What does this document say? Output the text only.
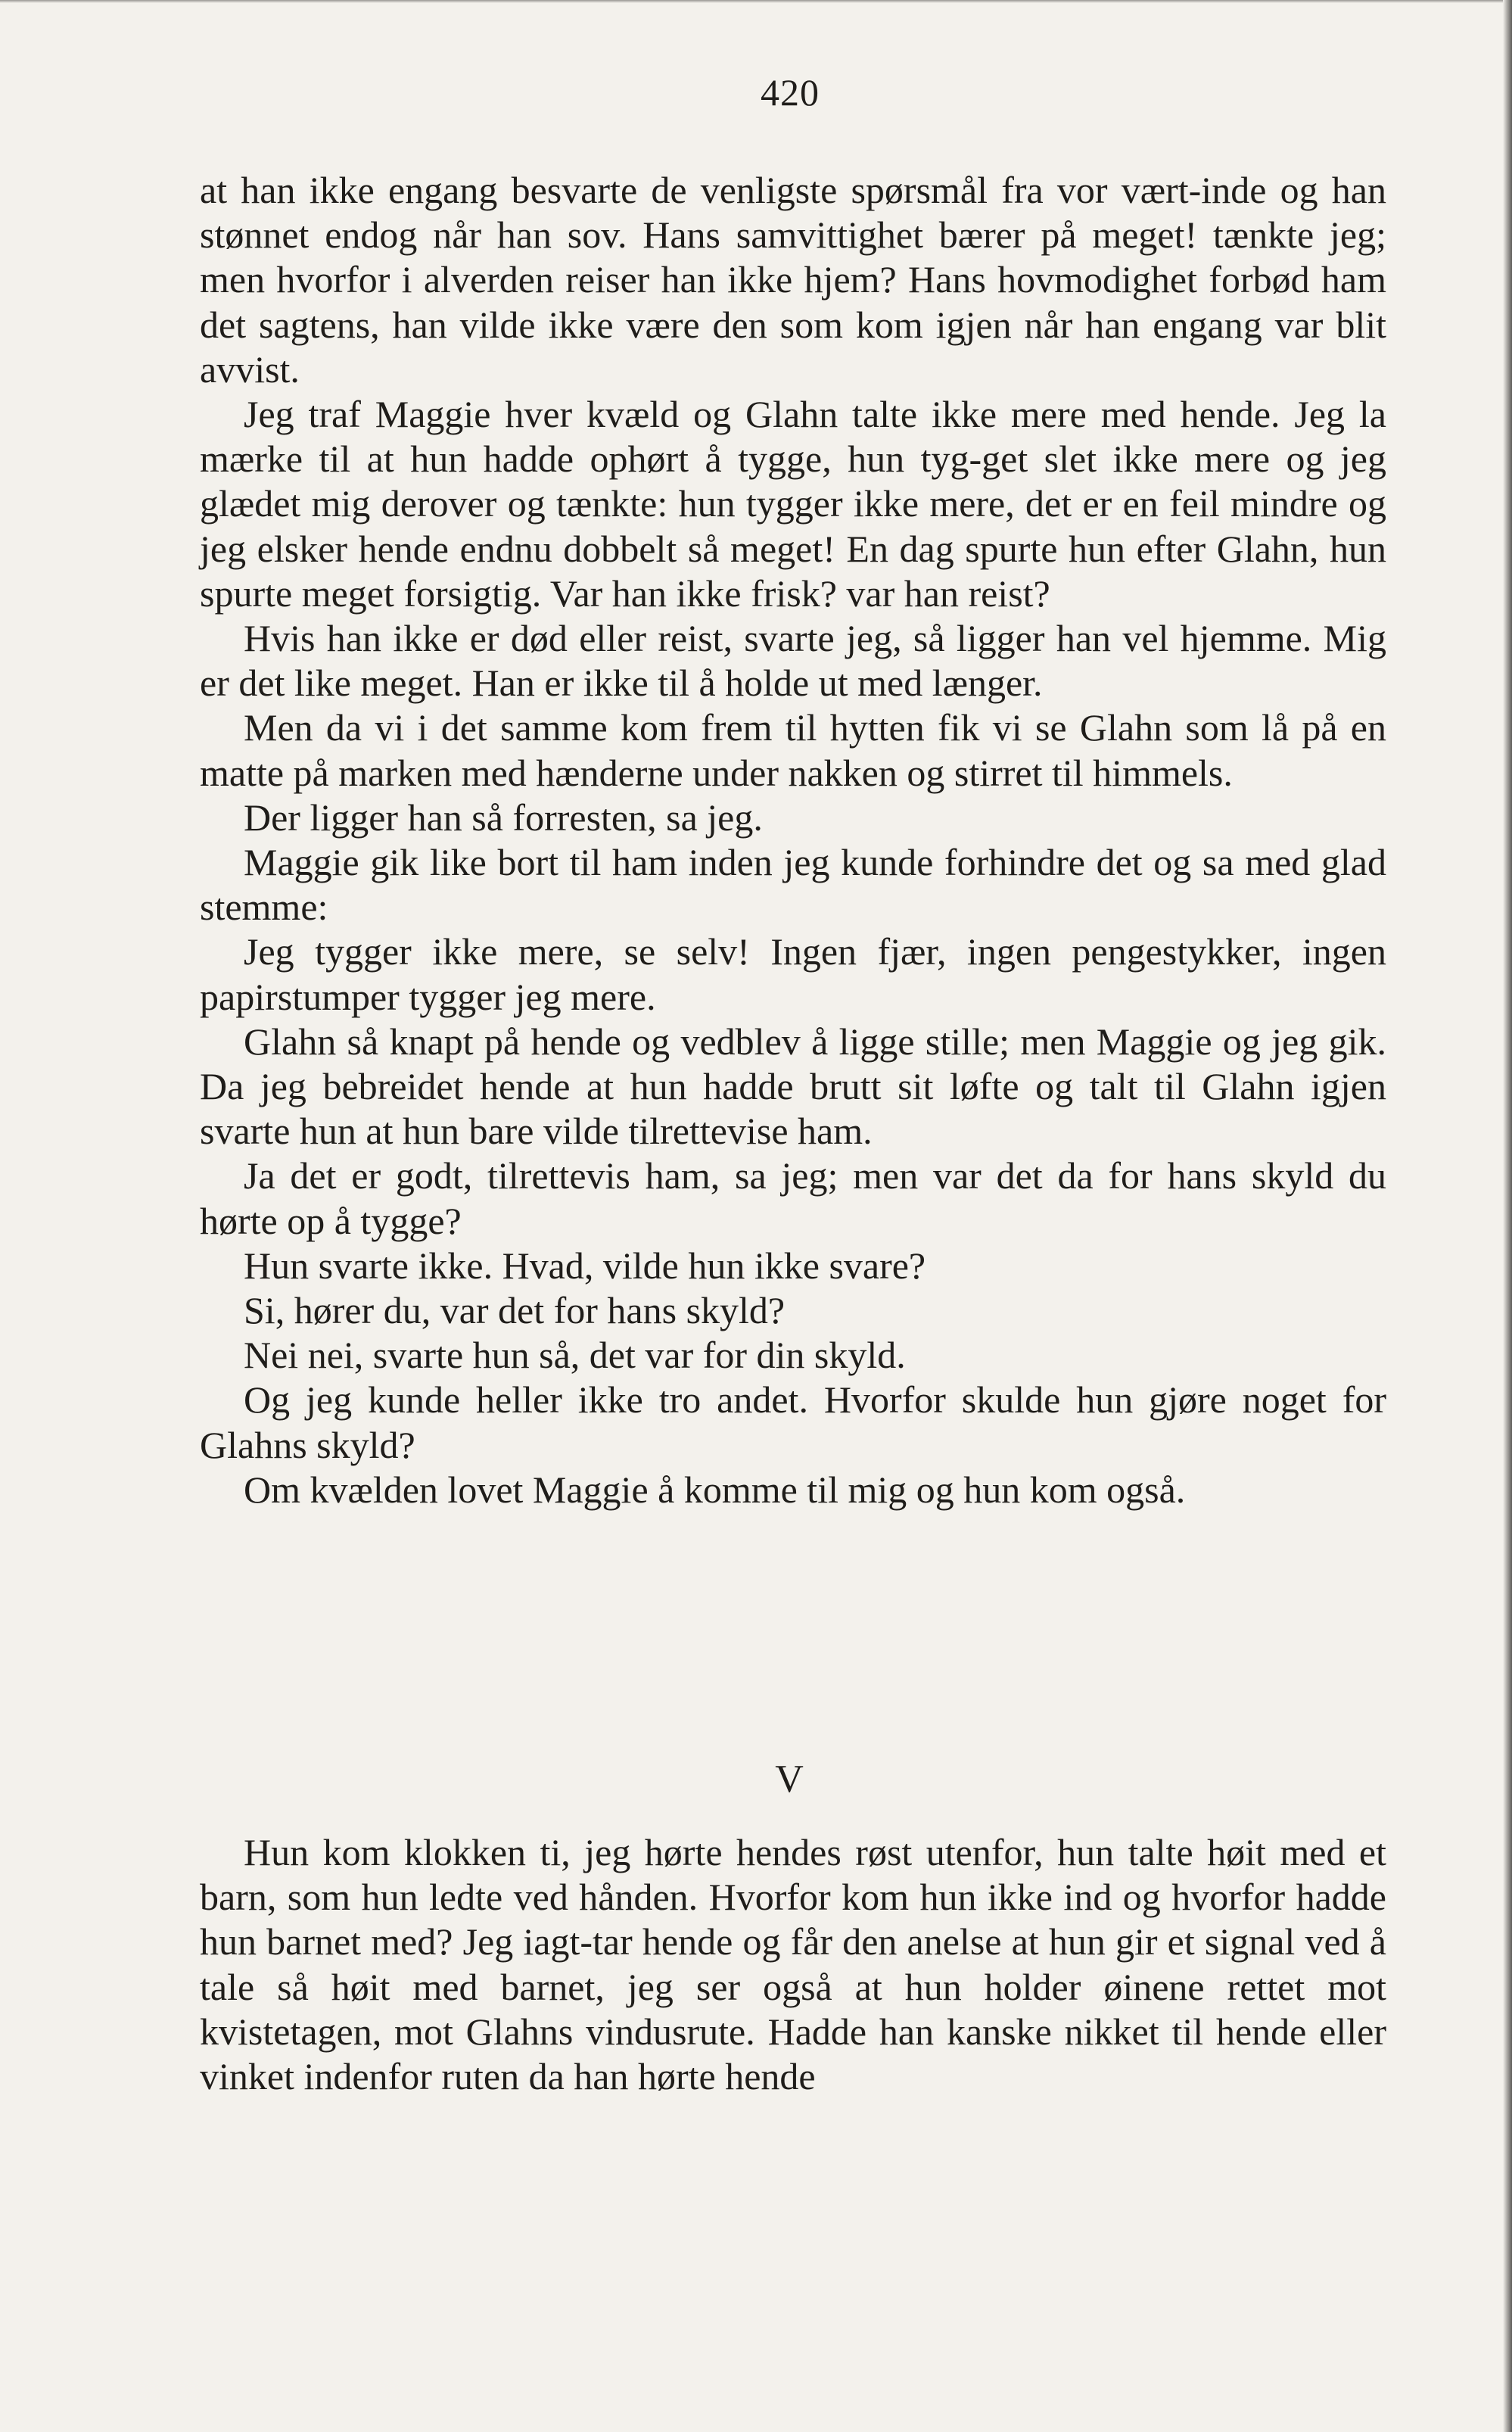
420

at han ikke engang besvarte de venligste spørsmål fra vor vært-inde og han stønnet endog når han sov. Hans samvittighet bærer på meget! tænkte jeg; men hvorfor i alverden reiser han ikke hjem? Hans hovmodighet forbød ham det sagtens, han vilde ikke være den som kom igjen når han engang var blit avvist.

Jeg traf Maggie hver kvæld og Glahn talte ikke mere med hende. Jeg la mærke til at hun hadde ophørt å tygge, hun tyg-get slet ikke mere og jeg glædet mig derover og tænkte: hun tygger ikke mere, det er en feil mindre og jeg elsker hende endnu dobbelt så meget! En dag spurte hun efter Glahn, hun spurte meget forsigtig. Var han ikke frisk? var han reist?

Hvis han ikke er død eller reist, svarte jeg, så ligger han vel hjemme. Mig er det like meget. Han er ikke til å holde ut med længer.

Men da vi i det samme kom frem til hytten fik vi se Glahn som lå på en matte på marken med hænderne under nakken og stirret til himmels.

Der ligger han så forresten, sa jeg.

Maggie gik like bort til ham inden jeg kunde forhindre det og sa med glad stemme:

Jeg tygger ikke mere, se selv! Ingen fjær, ingen pengestykker, ingen papirstumper tygger jeg mere.

Glahn så knapt på hende og vedblev å ligge stille; men Maggie og jeg gik. Da jeg bebreidet hende at hun hadde brutt sit løfte og talt til Glahn igjen svarte hun at hun bare vilde tilrettevise ham.

Ja det er godt, tilrettevis ham, sa jeg; men var det da for hans skyld du hørte op å tygge?

Hun svarte ikke. Hvad, vilde hun ikke svare?

Si, hører du, var det for hans skyld?

Nei nei, svarte hun så, det var for din skyld.

Og jeg kunde heller ikke tro andet. Hvorfor skulde hun gjøre noget for Glahns skyld?

Om kvælden lovet Maggie å komme til mig og hun kom også.

V

Hun kom klokken ti, jeg hørte hendes røst utenfor, hun talte høit med et barn, som hun ledte ved hånden. Hvorfor kom hun ikke ind og hvorfor hadde hun barnet med? Jeg iagt-tar hende og får den anelse at hun gir et signal ved å tale så høit med barnet, jeg ser også at hun holder øinene rettet mot kvistetagen, mot Glahns vindusrute. Hadde han kanske nikket til hende eller vinket indenfor ruten da han hørte hende
